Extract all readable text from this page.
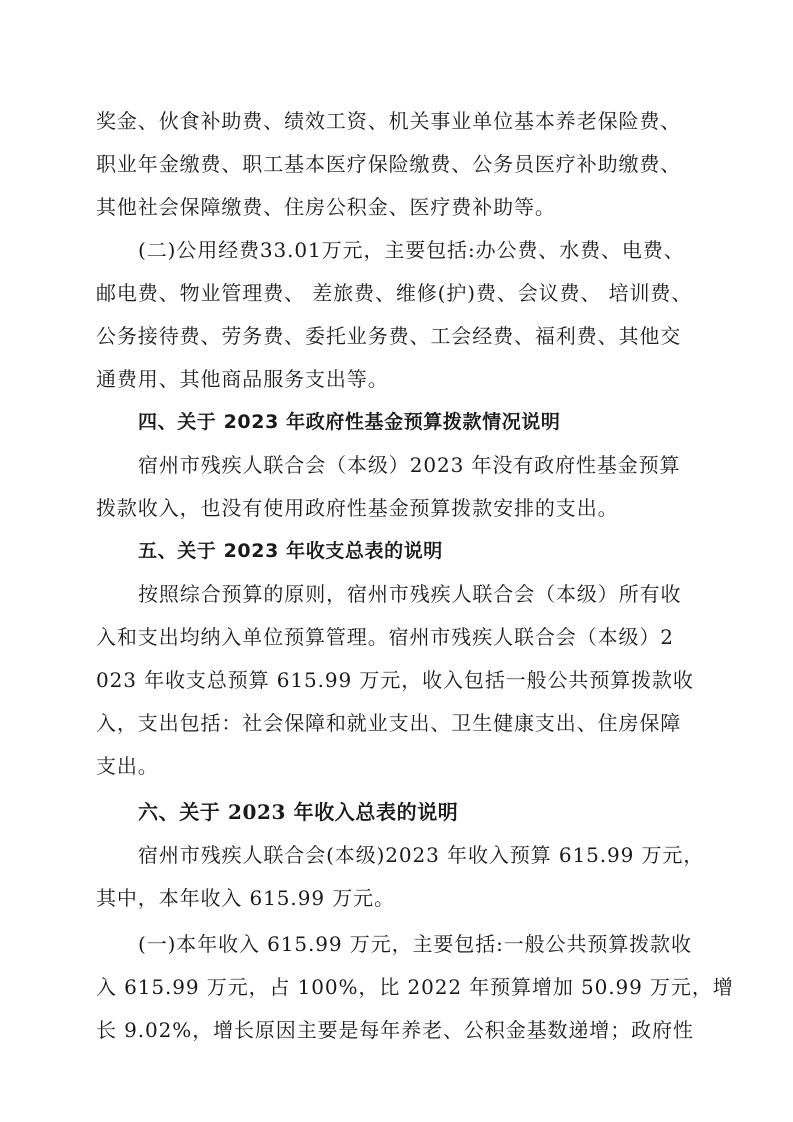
奖金、伙食补助费、绩效工资、机关事业单位基本养老保险费、
职业年金缴费、职工基本医疗保险缴费、公务员医疗补助缴费、
其他社会保障缴费、住房公积金、医疗费补助等。
(二)公用经费33.01万元，主要包括:办公费、水费、电费、
邮电费、物业管理费、 差旅费、维修(护)费、会议费、 培训费、
公务接待费、劳务费、委托业务费、工会经费、福利费、其他交
通费用、其他商品服务支出等。
四、关于 2023 年政府性基金预算拨款情况说明
宿州市残疾人联合会（本级）2023 年没有政府性基金预算
拨款收入，也没有使用政府性基金预算拨款安排的支出。
五、关于 2023 年收支总表的说明
按照综合预算的原则，宿州市残疾人联合会（本级）所有收
入和支出均纳入单位预算管理。宿州市残疾人联合会（本级）2
023 年收支总预算 615.99 万元，收入包括一般公共预算拨款收
入，支出包括：社会保障和就业支出、卫生健康支出、住房保障
支出。
六、关于 2023 年收入总表的说明
宿州市残疾人联合会(本级)2023 年收入预算 615.99 万元，
其中，本年收入 615.99 万元。
(一)本年收入 615.99 万元，主要包括:一般公共预算拨款收
入 615.99 万元，占 100%，比 2022 年预算增加 50.99 万元，增
长 9.02%，增长原因主要是每年养老、公积金基数递增；政府性
